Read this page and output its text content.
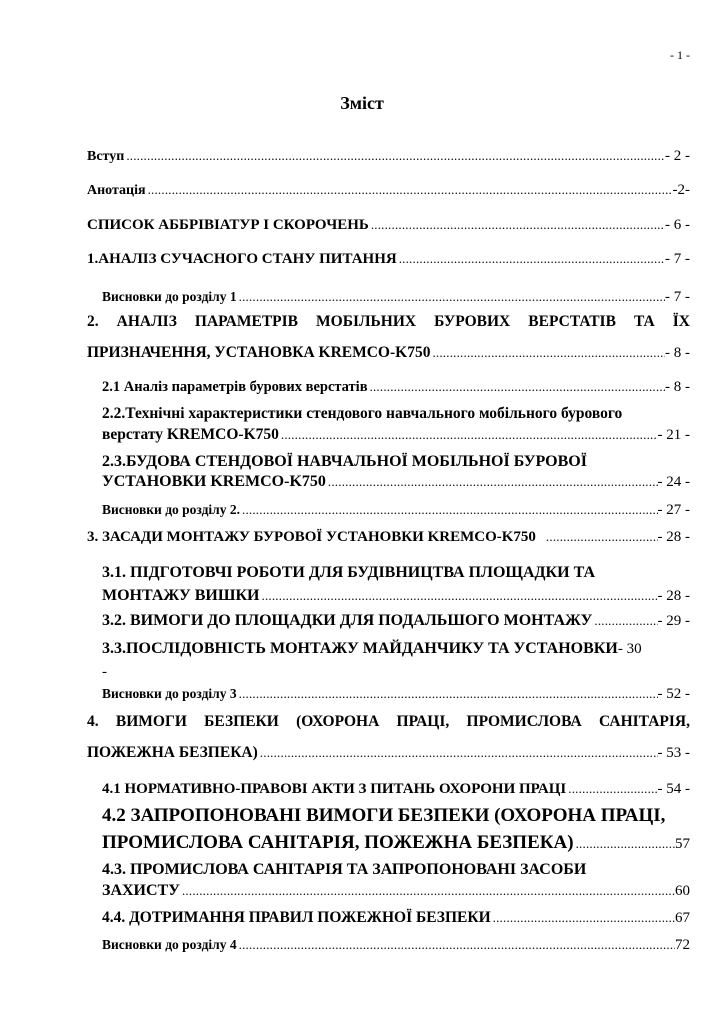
- 1 -
Зміст
Вступ .....	- 2 -
Анотація .....	-2-
СПИСОК АББРІВІАТУР І СКОРОЧЕНЬ .....	- 6 -
1.АНАЛІЗ СУЧАСНОГО СТАНУ ПИТАННЯ .....	- 7 -
Висновки до розділу 1 .....	- 7 -
2. АНАЛІЗ ПАРАМЕТРІВ МОБІЛЬНИХ БУРОВИХ ВЕРСТАТІВ ТА ЇХ
ПРИЗНАЧЕННЯ, УСТАНОВКА KREMCO-K750 .....	- 8 -
2.1 Аналіз параметрів бурових верстатів .....	- 8 -
2.2.Технічні характеристики стендового навчального мобільного бурового
верстату KREMCO-K750 .....	- 21 -
2.3.БУДОВА СТЕНДОВОЇ НАВЧАЛЬНОЇ МОБІЛЬНОЇ БУРОВОЇ
УСТАНОВКИ KREMCO-K750 .....	- 24 -
Висновки до розділу 2. .....	- 27 -
3. ЗАСАДИ МОНТАЖУ БУРОВОЇ УСТАНОВКИ KREMCO-K750 .....	- 28 -
3.1. ПІДГОТОВЧІ РОБОТИ ДЛЯ БУДІВНИЦТВА ПЛОЩАДКИ ТА
МОНТАЖУ ВИШКИ .....	- 28 -
3.2. ВИМОГИ ДО ПЛОЩАДКИ ДЛЯ ПОДАЛЬШОГО МОНТАЖУ .....	- 29 -
3.3.ПОСЛІДОВНІСТЬ МОНТАЖУ МАЙДАНЧИКУ ТА УСТАНОВКИ - 30
-
Висновки до розділу 3 .....	- 52 -
4. ВИМОГИ БЕЗПЕКИ (ОХОРОНА ПРАЦІ, ПРОМИСЛОВА САНІТАРІЯ,
ПОЖЕЖНА БЕЗПЕКА) .....	- 53 -
4.1 НОРМАТИВНО-ПРАВОВІ АКТИ З ПИТАНЬ ОХОРОНИ ПРАЦІ .....	- 54 -
4.2 ЗАПРОПОНОВАНІ ВИМОГИ БЕЗПЕКИ (ОХОРОНА ПРАЦІ,
ПРОМИСЛОВА САНІТАРІЯ, ПОЖЕЖНА БЕЗПЕКА) .....	57
4.3. ПРОМИСЛОВА САНІТАРІЯ ТА ЗАПРОПОНОВАНІ ЗАСОБИ
ЗАХИСТУ .....	60
4.4. ДОТРИМАННЯ ПРАВИЛ ПОЖЕЖНОЇ БЕЗПЕКИ .....	67
Висновки до розділу 4 .....	72
